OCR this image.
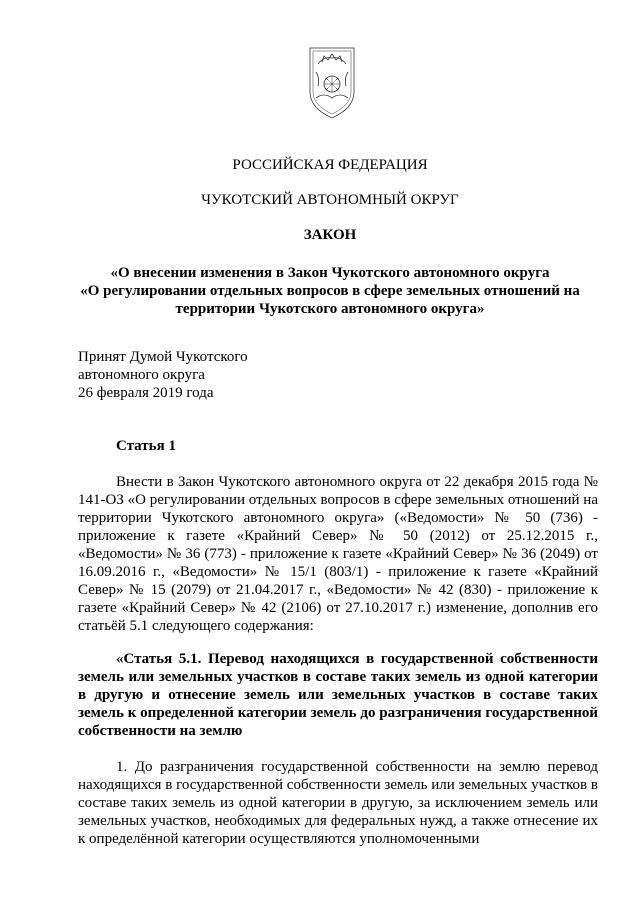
РОССИЙСКАЯ ФЕДЕРАЦИЯ
ЧУКОТСКИЙ АВТОНОМНЫЙ ОКРУГ
ЗАКОН

«О внесении изменения в Закон Чукотского автономного округа

«О регулировании отдельных вопросов в сфере земельных отношений на

территории Чукотского автономного округа»

Принят Думой Чукотского

автономного округа

26 февраля 2019 года

Статья 1

Внести в Закон Чукотского автономного округа от 22 декабря 2015 года № 141-ОЗ «О регулировании отдельных вопросов в сфере земельных отношений на территории Чукотского автономного округа» («Ведомости» № 50 (736) - приложение к газете «Крайний Север» № 50 (2012) от 25.12.2015 г., «Ведомости» № 36 (773) - приложение к газете «Крайний Север» № 36 (2049) от 16.09.2016 г., «Ведомости» № 15/1 (803/1) - приложение к газете «Крайний Север» № 15 (2079) от 21.04.2017 г., «Ведомости» № 42 (830) - приложение к газете «Крайний Север» № 42 (2106) от 27.10.2017 г.) изменение, дополнив его статьёй 5.1 следующего содержания:

«Статья 5.1. Перевод находящихся в государственной собственности земель или земельных участков в составе таких земель из одной категории в другую и отнесение земель или земельных участков в составе таких земель к определенной категории земель до разграничения государственной собственности на землю

1. До разграничения государственной собственности на землю перевод находящихся в государственной собственности земель или земельных участков в составе таких земель из одной категории в другую, за исключением земель или земельных участков, необходимых для федеральных нужд, а также отнесение их к определённой категории осуществляются уполномоченными
